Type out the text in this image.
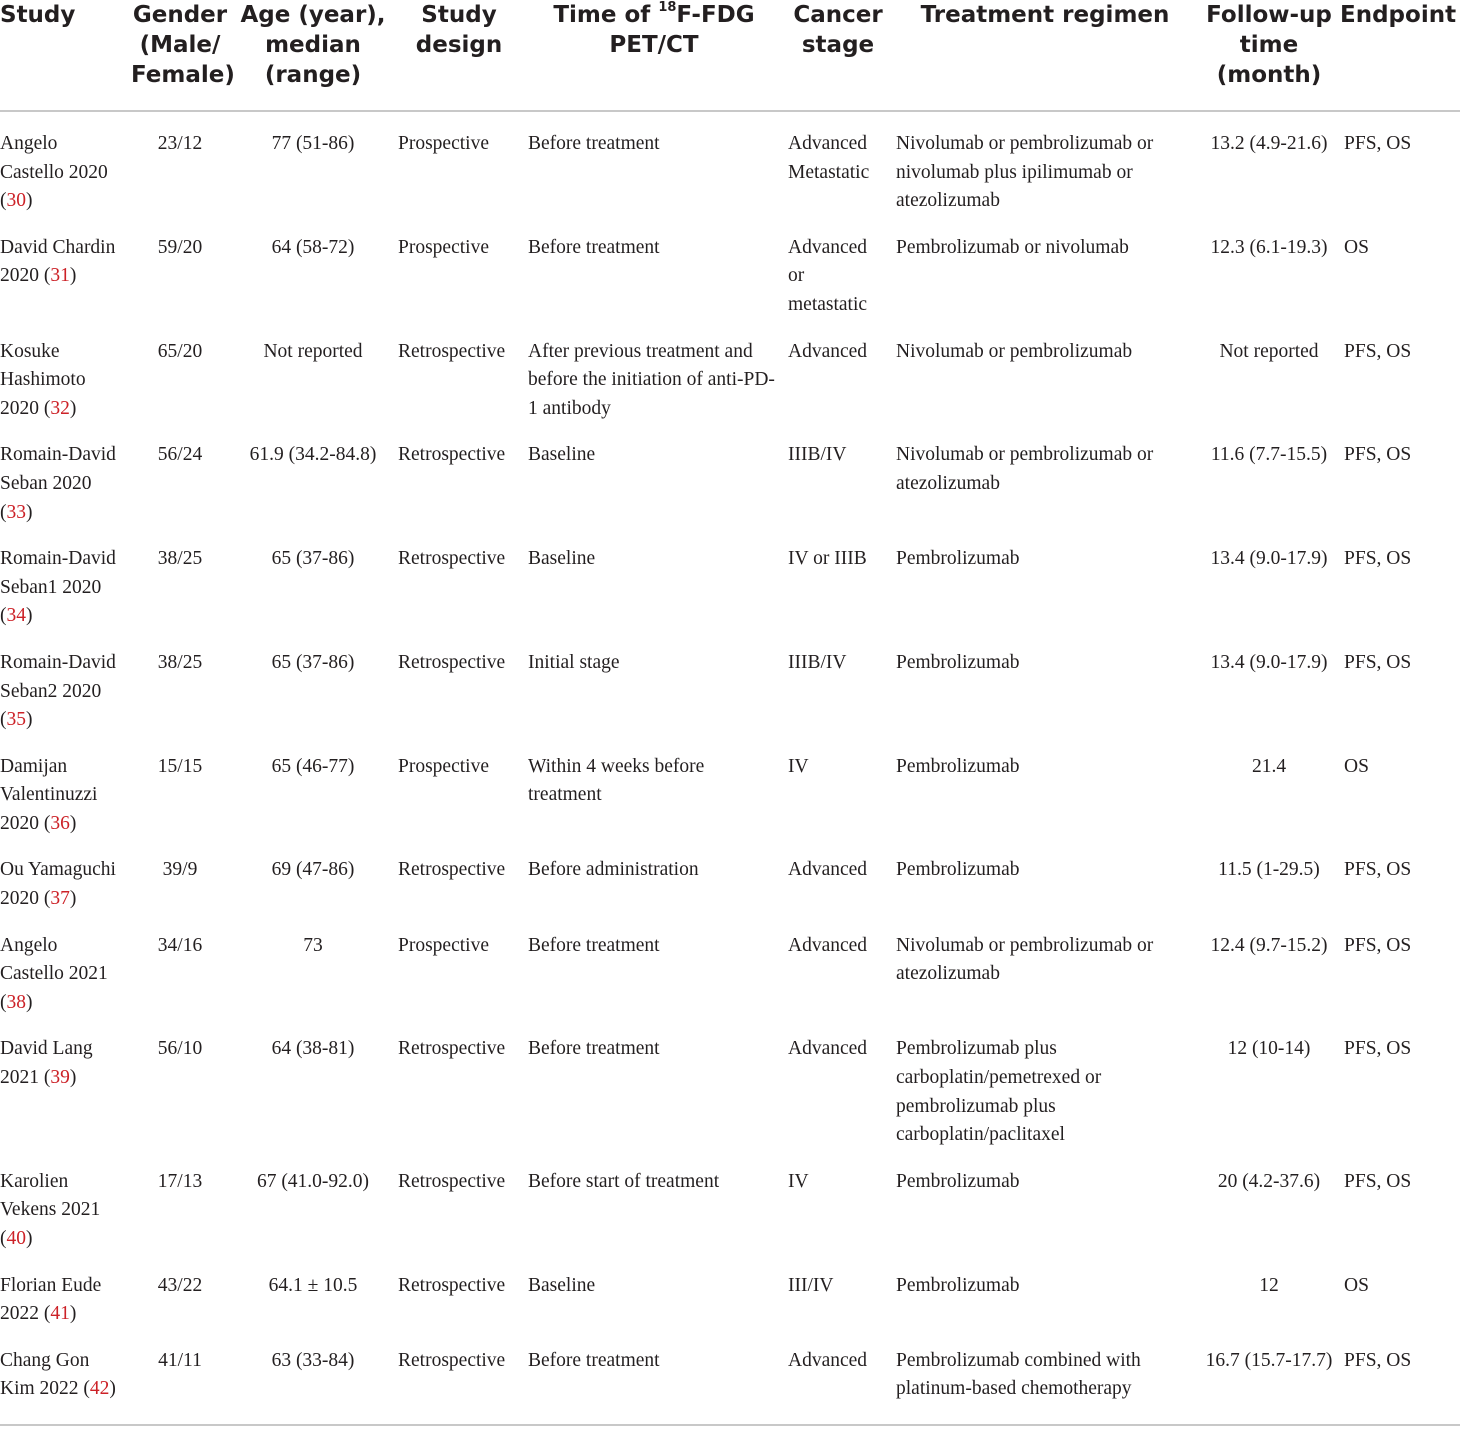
Study	Gender (Male/ Female)	Age (year), median (range)	Study design	Time of $^{18}$F-FDG PET/CT	Cancer stage	Treatment regimen	Follow-up time (month)	Endpoint
Angelo Castello 2020 (30)	23/12	77 (51-86)	Prospective	Before treatment	Advanced Metastatic	Nivolumab or pembrolizumab or nivolumab plus ipilimumab or atezolizumab	13.2 (4.9-21.6)	PFS, OS
David Chardin 2020 (31)	59/20	64 (58-72)	Prospective	Before treatment	Advanced or metastatic	Pembrolizumab or nivolumab	12.3 (6.1-19.3)	OS
Kosuke Hashimoto 2020 (32)	65/20	Not reported	Retrospective	After previous treatment and before the initiation of anti-PD-1 antibody	Advanced	Nivolumab or pembrolizumab	Not reported	PFS, OS
Romain-David Seban 2020 (33)	56/24	61.9 (34.2-84.8)	Retrospective	Baseline	IIIB/IV	Nivolumab or pembrolizumab or atezolizumab	11.6 (7.7-15.5)	PFS, OS
Romain-David Seban1 2020 (34)	38/25	65 (37-86)	Retrospective	Baseline	IV or IIIB	Pembrolizumab	13.4 (9.0-17.9)	PFS, OS
Romain-David Seban2 2020 (35)	38/25	65 (37-86)	Retrospective	Initial stage	IIIB/IV	Pembrolizumab	13.4 (9.0-17.9)	PFS, OS
Damijan Valentinuzzi 2020 (36)	15/15	65 (46-77)	Prospective	Within 4 weeks before treatment	IV	Pembrolizumab	21.4	OS
Ou Yamaguchi 2020 (37)	39/9	69 (47-86)	Retrospective	Before administration	Advanced	Pembrolizumab	11.5 (1-29.5)	PFS, OS
Angelo Castello 2021 (38)	34/16	73	Prospective	Before treatment	Advanced	Nivolumab or pembrolizumab or atezolizumab	12.4 (9.7-15.2)	PFS, OS
David Lang 2021 (39)	56/10	64 (38-81)	Retrospective	Before treatment	Advanced	Pembrolizumab plus carboplatin/pemetrexed or pembrolizumab plus carboplatin/paclitaxel	12 (10-14)	PFS, OS
Karolien Vekens 2021 (40)	17/13	67 (41.0-92.0)	Retrospective	Before start of treatment	IV	Pembrolizumab	20 (4.2-37.6)	PFS, OS
Florian Eude 2022 (41)	43/22	64.1 ± 10.5	Retrospective	Baseline	III/IV	Pembrolizumab	12	OS
Chang Gon Kim 2022 (42)	41/11	63 (33-84)	Retrospective	Before treatment	Advanced	Pembrolizumab combined with platinum-based chemotherapy	16.7 (15.7-17.7)	PFS, OS
